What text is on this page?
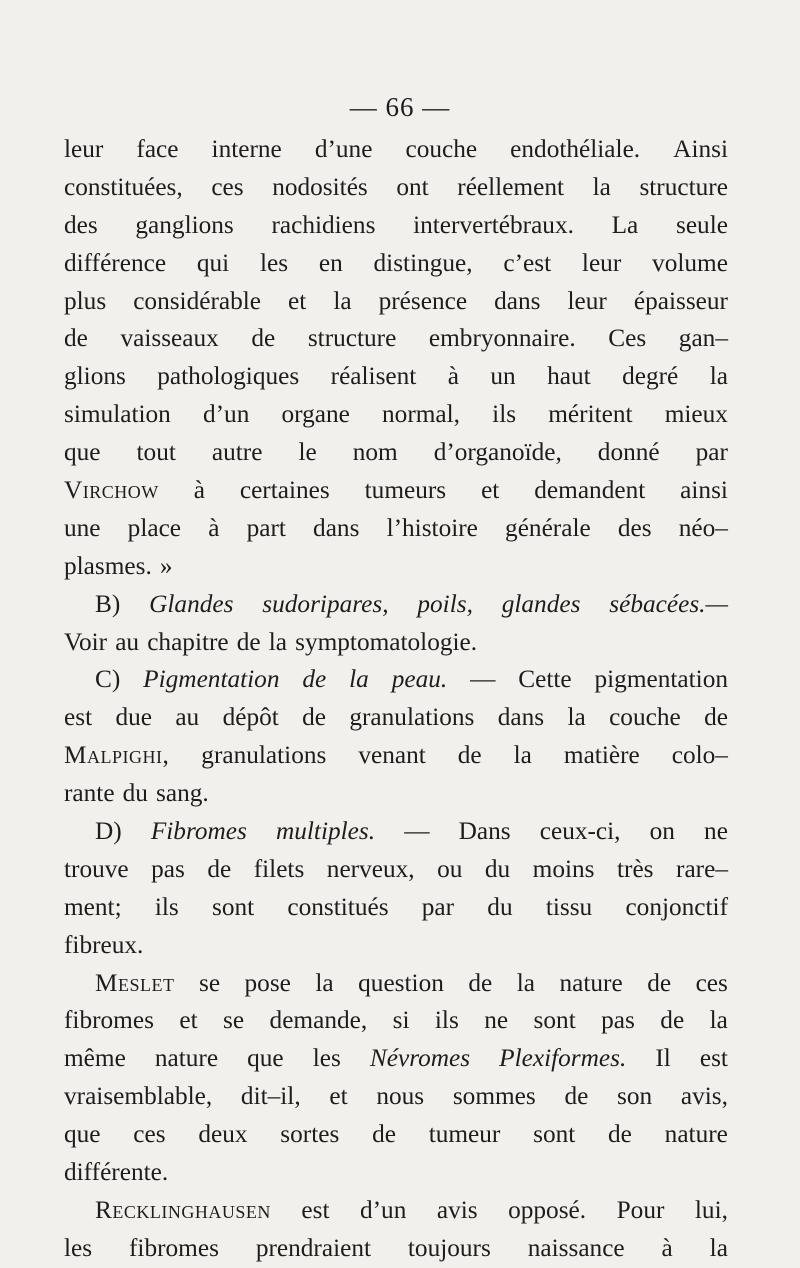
— 66 —
leur face interne d’une couche endothéliale. Ainsi
constituées, ces nodosités ont réellement la structure
des ganglions rachidiens intervertébraux. La seule
différence qui les en distingue, c’est leur volume
plus considérable et la présence dans leur épaisseur
de vaisseaux de structure embryonnaire. Ces gan–
glions pathologiques réalisent à un haut degré la
simulation d’un organe normal, ils méritent mieux
que tout autre le nom d’organoïde, donné par
Virchow à certaines tumeurs et demandent ainsi
une place à part dans l’histoire générale des néo–
plasmes. »
B) Glandes sudoripares, poils, glandes sébacées.—
Voir au chapitre de la symptomatologie.
C) Pigmentation de la peau. — Cette pigmentation
est due au dépôt de granulations dans la couche de
Malpighi, granulations venant de la matière colo–
rante du sang.
D) Fibromes multiples. — Dans ceux-ci, on ne
trouve pas de filets nerveux, ou du moins très rare–
ment; ils sont constitués par du tissu conjonctif
fibreux.
Meslet se pose la question de la nature de ces
fibromes et se demande, si ils ne sont pas de la
même nature que les Névromes Plexiformes. Il est
vraisemblable, dit–il, et nous sommes de son avis,
que ces deux sortes de tumeur sont de nature
différente.
Recklinghausen est d’un avis opposé. Pour lui,
les fibromes prendraient toujours naissance à la
